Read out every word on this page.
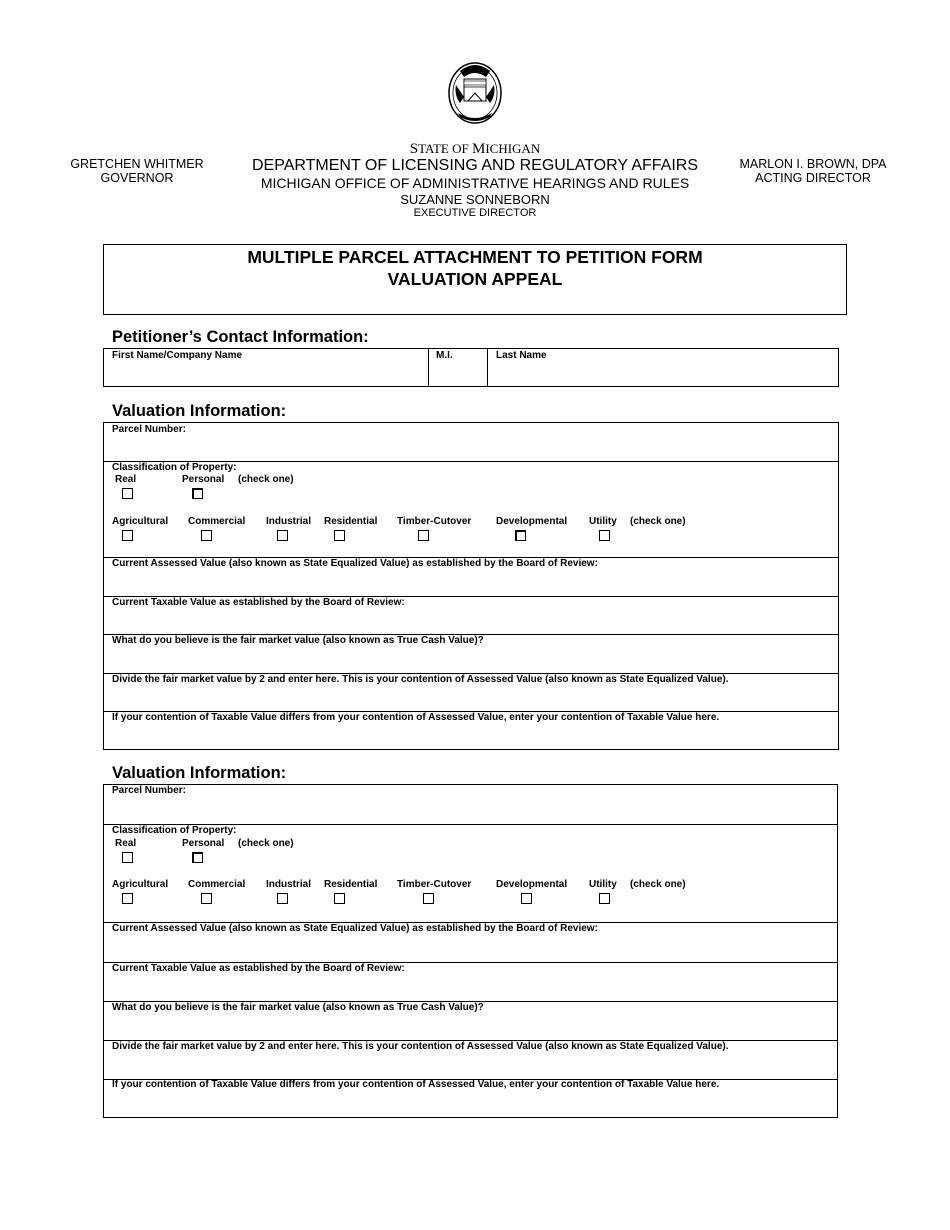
GRETCHEN WHITMER
GOVERNOR
MARLON I. BROWN, DPA
ACTING DIRECTOR
STATE OF MICHIGAN
DEPARTMENT OF LICENSING AND REGULATORY AFFAIRS
MICHIGAN OFFICE OF ADMINISTRATIVE HEARINGS AND RULES
SUZANNE SONNEBORN
EXECUTIVE DIRECTOR
MULTIPLE PARCEL ATTACHMENT TO PETITION FORM
VALUATION APPEAL
Petitioner’s Contact Information:
First Name/Company Name	M.I.	Last Name
Valuation Information:
Parcel Number:
Classification of Property:
Real	Personal (check one)
Agricultural Commercial Industrial Residential Timber-Cutover Developmental Utility (check one)
Current Assessed Value (also known as State Equalized Value) as established by the Board of Review:
Current Taxable Value as established by the Board of Review:
What do you believe is the fair market value (also known as True Cash Value)?
Divide the fair market value by 2 and enter here. This is your contention of Assessed Value (also known as State Equalized Value).
If your contention of Taxable Value differs from your contention of Assessed Value, enter your contention of Taxable Value here.
Valuation Information:
Parcel Number:
Classification of Property:
Real	Personal (check one)
Agricultural Commercial Industrial Residential Timber-Cutover Developmental Utility (check one)
Current Assessed Value (also known as State Equalized Value) as established by the Board of Review:
Current Taxable Value as established by the Board of Review:
What do you believe is the fair market value (also known as True Cash Value)?
Divide the fair market value by 2 and enter here. This is your contention of Assessed Value (also known as State Equalized Value).
If your contention of Taxable Value differs from your contention of Assessed Value, enter your contention of Taxable Value here.
